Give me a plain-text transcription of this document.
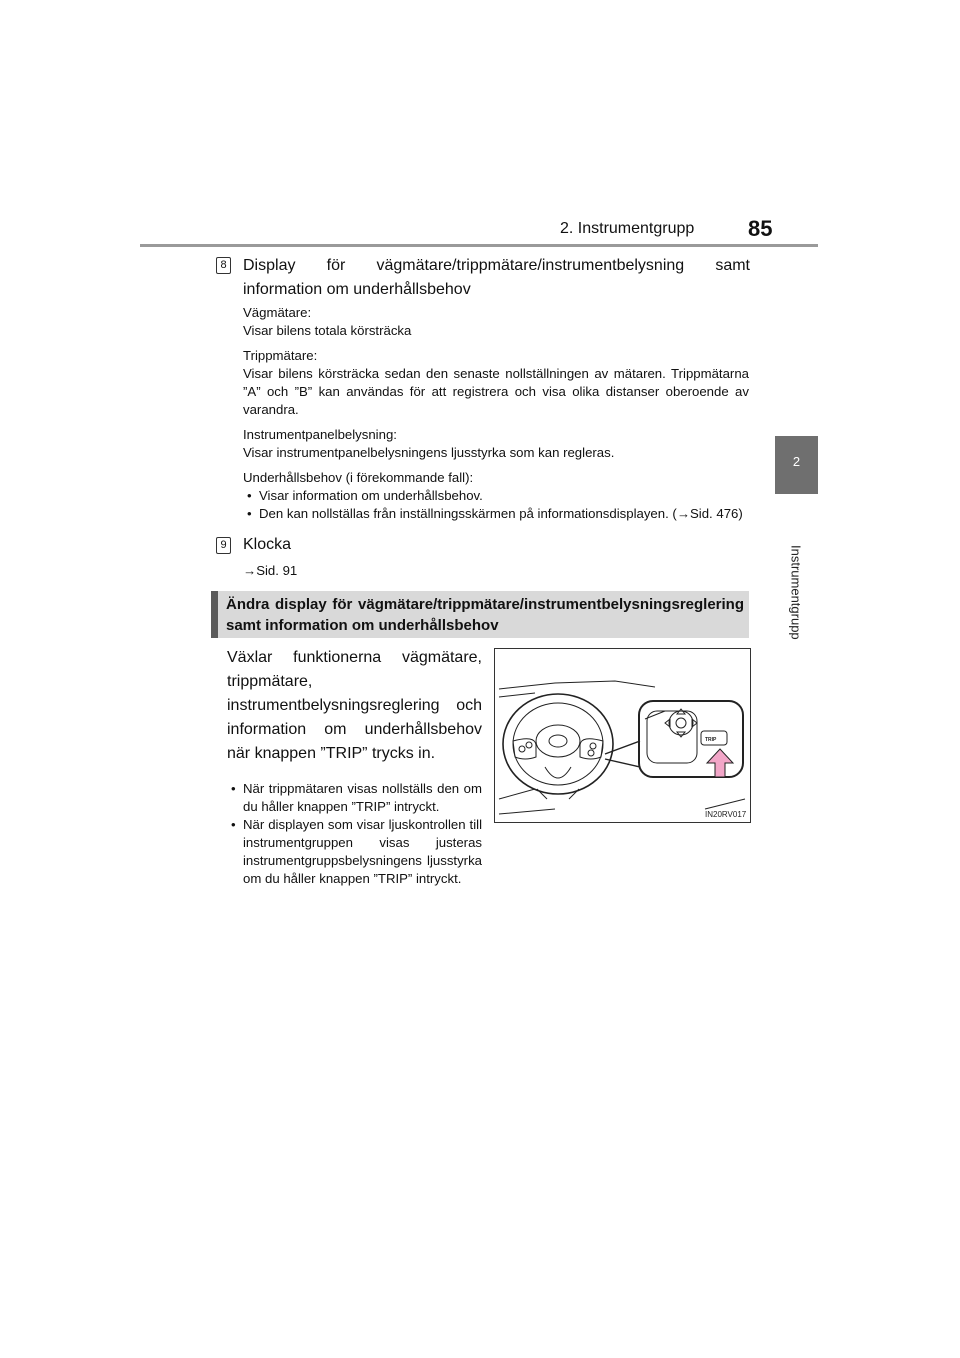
2. Instrumentgrupp 85
2
Instrumentgrupp
8	Display för vägmätare/trippmätare/instrumentbelysning samt information om underhållsbehov

Vägmätare:

Visar bilens totala körsträcka

Trippmätare:

Visar bilens körsträcka sedan den senaste nollställningen av mätaren. Trippmätarna ”A” och ”B” kan användas för att registrera och visa olika distanser oberoende av varandra.

Instrumentpanelbelysning:

Visar instrumentpanelbelysningens ljusstyrka som kan regleras.

Underhållsbehov (i förekommande fall):

• Visar information om underhållsbehov.
• Den kan nollställas från inställningsskärmen på informationsdisplayen. (→Sid. 476)
9 Klocka
→Sid. 91
Ändra display för vägmätare/trippmätare/instrumentbelysningsreglering samt information om underhållsbehov
Växlar funktionerna vägmätare, trippmätare, instrumentbelysningsreglering och information om underhållsbehov när knappen ”TRIP” trycks in.
• När trippmätaren visas nollställs den om du håller knappen ”TRIP” intryckt.
• När displayen som visar ljuskontrollen till instrumentgruppen visas justeras instrumentgruppsbelysningens ljusstyrka om du håller knappen ”TRIP” intryckt.
TRIP
IN20RV017
